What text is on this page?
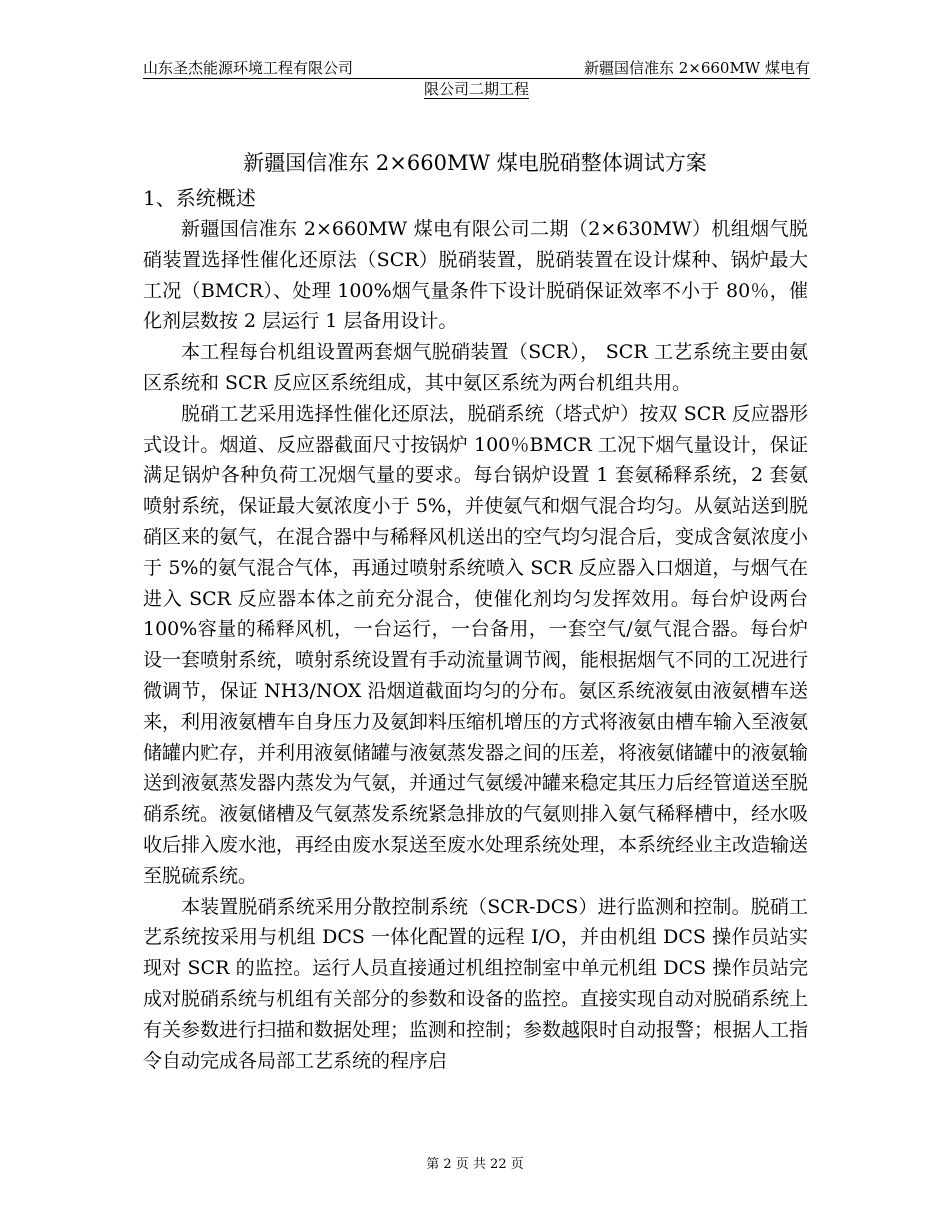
山东圣杰能源环境工程有限公司	新疆国信准东 2×660MW 煤电有
限公司二期工程
新疆国信准东 2×660MW 煤电脱硝整体调试方案
1、系统概述

新疆国信准东 2×660MW 煤电有限公司二期（2×630MW）机组烟气脱硝装置选择性催化还原法（SCR）脱硝装置，脱硝装置在设计煤种、锅炉最大工况（BMCR）、处理 100%烟气量条件下设计脱硝保证效率不小于 80％，催化剂层数按 2 层运行 1 层备用设计。

本工程每台机组设置两套烟气脱硝装置（SCR）， SCR 工艺系统主要由氨区系统和 SCR 反应区系统组成，其中氨区系统为两台机组共用。

脱硝工艺采用选择性催化还原法，脱硝系统（塔式炉）按双 SCR 反应器形式设计。烟道、反应器截面尺寸按锅炉 100％BMCR 工况下烟气量设计，保证满足锅炉各种负荷工况烟气量的要求。每台锅炉设置 1 套氨稀释系统，2 套氨喷射系统，保证最大氨浓度小于 5%，并使氨气和烟气混合均匀。从氨站送到脱硝区来的氨气，在混合器中与稀释风机送出的空气均匀混合后，变成含氨浓度小于 5%的氨气混合气体，再通过喷射系统喷入 SCR 反应器入口烟道，与烟气在进入 SCR 反应器本体之前充分混合，使催化剂均匀发挥效用。每台炉设两台 100%容量的稀释风机，一台运行，一台备用，一套空气/氨气混合器。每台炉设一套喷射系统，喷射系统设置有手动流量调节阀，能根据烟气不同的工况进行微调节，保证 NH3/NOX 沿烟道截面均匀的分布。氨区系统液氨由液氨槽车送来，利用液氨槽车自身压力及氨卸料压缩机增压的方式将液氨由槽车输入至液氨储罐内贮存，并利用液氨储罐与液氨蒸发器之间的压差，将液氨储罐中的液氨输送到液氨蒸发器内蒸发为气氨，并通过气氨缓冲罐来稳定其压力后经管道送至脱硝系统。液氨储槽及气氨蒸发系统紧急排放的气氨则排入氨气稀释槽中，经水吸收后排入废水池，再经由废水泵送至废水处理系统处理，本系统经业主改造输送至脱硫系统。

本装置脱硝系统采用分散控制系统（SCR-DCS）进行监测和控制。脱硝工艺系统按采用与机组 DCS 一体化配置的远程 I/O，并由机组 DCS 操作员站实现对 SCR 的监控。运行人员直接通过机组控制室中单元机组 DCS 操作员站完成对脱硝系统与机组有关部分的参数和设备的监控。直接实现自动对脱硝系统上有关参数进行扫描和数据处理；监测和控制；参数越限时自动报警；根据人工指令自动完成各局部工艺系统的程序启

第 2 页 共 22 页
